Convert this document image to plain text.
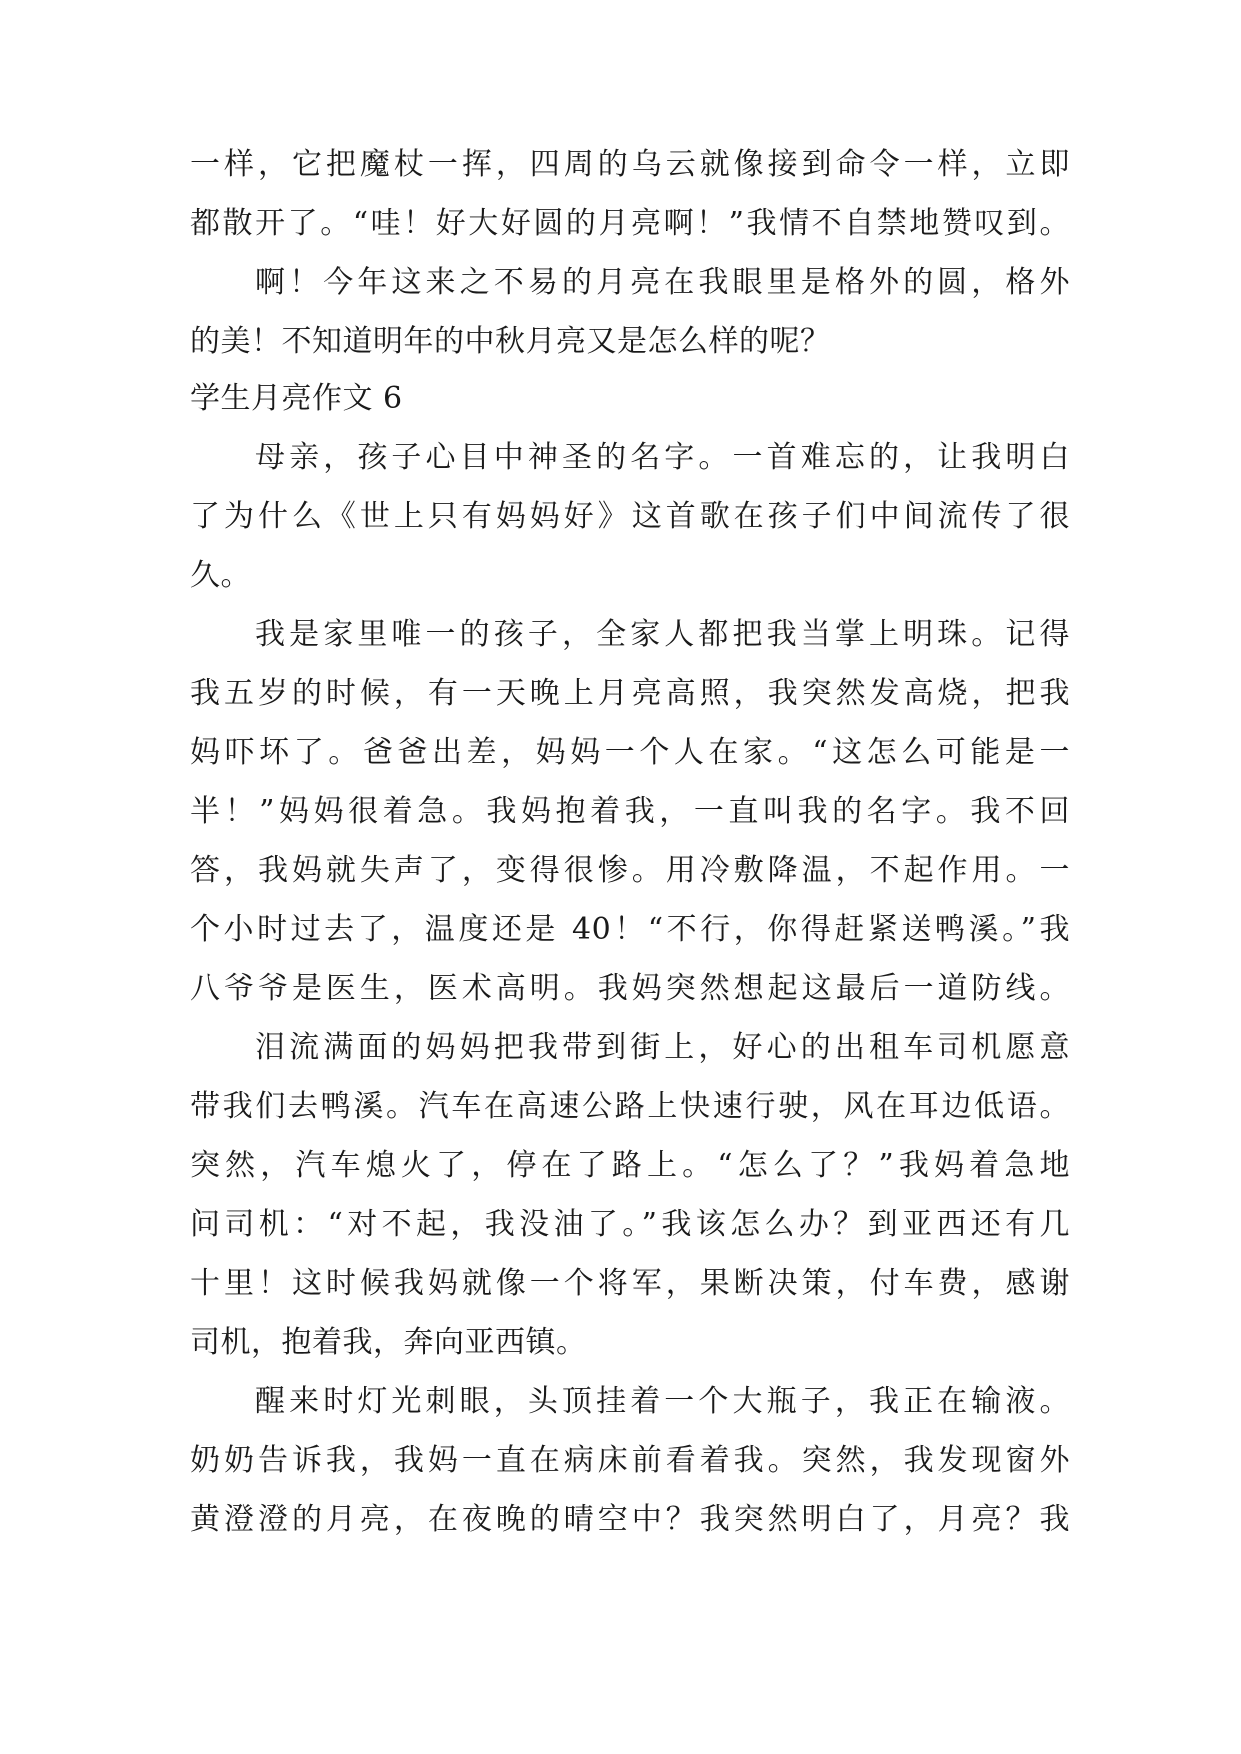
一样，它把魔杖一挥，四周的乌云就像接到命令一样，立即
都散开了。“哇！好大好圆的月亮啊！”我情不自禁地赞叹到。
啊！今年这来之不易的月亮在我眼里是格外的圆，格外
的美！不知道明年的中秋月亮又是怎么样的呢？
学生月亮作文 6
母亲，孩子心目中神圣的名字。一首难忘的，让我明白
了为什么《世上只有妈妈好》这首歌在孩子们中间流传了很
久。
我是家里唯一的孩子，全家人都把我当掌上明珠。记得
我五岁的时候，有一天晚上月亮高照，我突然发高烧，把我
妈吓坏了。爸爸出差，妈妈一个人在家。“这怎么可能是一
半！”妈妈很着急。我妈抱着我，一直叫我的名字。我不回
答，我妈就失声了，变得很惨。用冷敷降温，不起作用。一
个小时过去了，温度还是 40！“不行，你得赶紧送鸭溪。”我
八爷爷是医生，医术高明。我妈突然想起这最后一道防线。
泪流满面的妈妈把我带到街上，好心的出租车司机愿意
带我们去鸭溪。汽车在高速公路上快速行驶，风在耳边低语。
突然，汽车熄火了，停在了路上。“怎么了？”我妈着急地
问司机：“对不起，我没油了。”我该怎么办？到亚西还有几
十里！这时候我妈就像一个将军，果断决策，付车费，感谢
司机，抱着我，奔向亚西镇。
醒来时灯光刺眼，头顶挂着一个大瓶子，我正在输液。
奶奶告诉我，我妈一直在病床前看着我。突然，我发现窗外
黄澄澄的月亮，在夜晚的晴空中？我突然明白了，月亮？我
